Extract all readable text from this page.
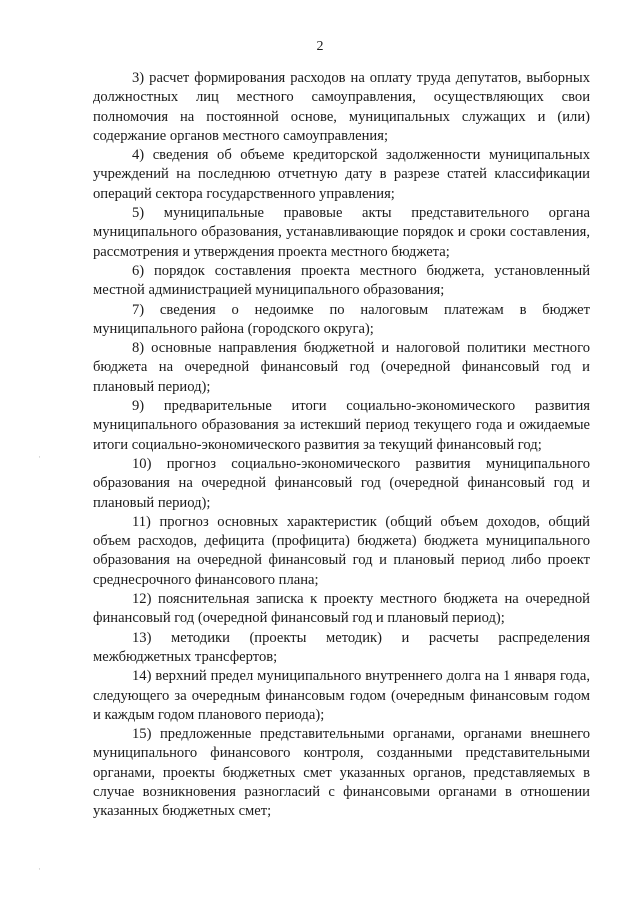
2

3) расчет формирования расходов на оплату труда депутатов, выборных должностных лиц местного самоуправления, осуществляющих свои полномочия на постоянной основе, муниципальных служащих и (или) содержание органов местного самоуправления;

4) сведения об объеме кредиторской задолженности муниципальных учреждений на последнюю отчетную дату в разрезе статей классификации операций сектора государственного управления;

5) муниципальные правовые акты представительного органа муниципального образования, устанавливающие порядок и сроки составления, рассмотрения и утверждения проекта местного бюджета;

6) порядок составления проекта местного бюджета, установленный местной администрацией муниципального образования;

7) сведения о недоимке по налоговым платежам в бюджет муниципального района (городского округа);

8) основные направления бюджетной и налоговой политики местного бюджета на очередной финансовый год (очередной финансовый год и плановый период);

9) предварительные итоги социально-экономического развития муниципального образования за истекший период текущего года и ожидаемые итоги социально-экономического развития за текущий финансовый год;

10) прогноз социально-экономического развития муниципального образования на очередной финансовый год (очередной финансовый год и плановый период);

11) прогноз основных характеристик (общий объем доходов, общий объем расходов, дефицита (профицита) бюджета) бюджета муниципального образования на очередной финансовый год и плановый период либо проект среднесрочного финансового плана;

12) пояснительная записка к проекту местного бюджета на очередной финансовый год (очередной финансовый год и плановый период);

13) методики (проекты методик) и расчеты распределения межбюджетных трансфертов;

14) верхний предел муниципального внутреннего долга на 1 января года, следующего за очередным финансовым годом (очередным финансовым годом и каждым годом планового периода);

15) предложенные представительными органами, органами внешнего муниципального финансового контроля, созданными представительными органами, проекты бюджетных смет указанных органов, представляемых в случае возникновения разногласий с финансовыми органами в отношении указанных бюджетных смет;

·
·
